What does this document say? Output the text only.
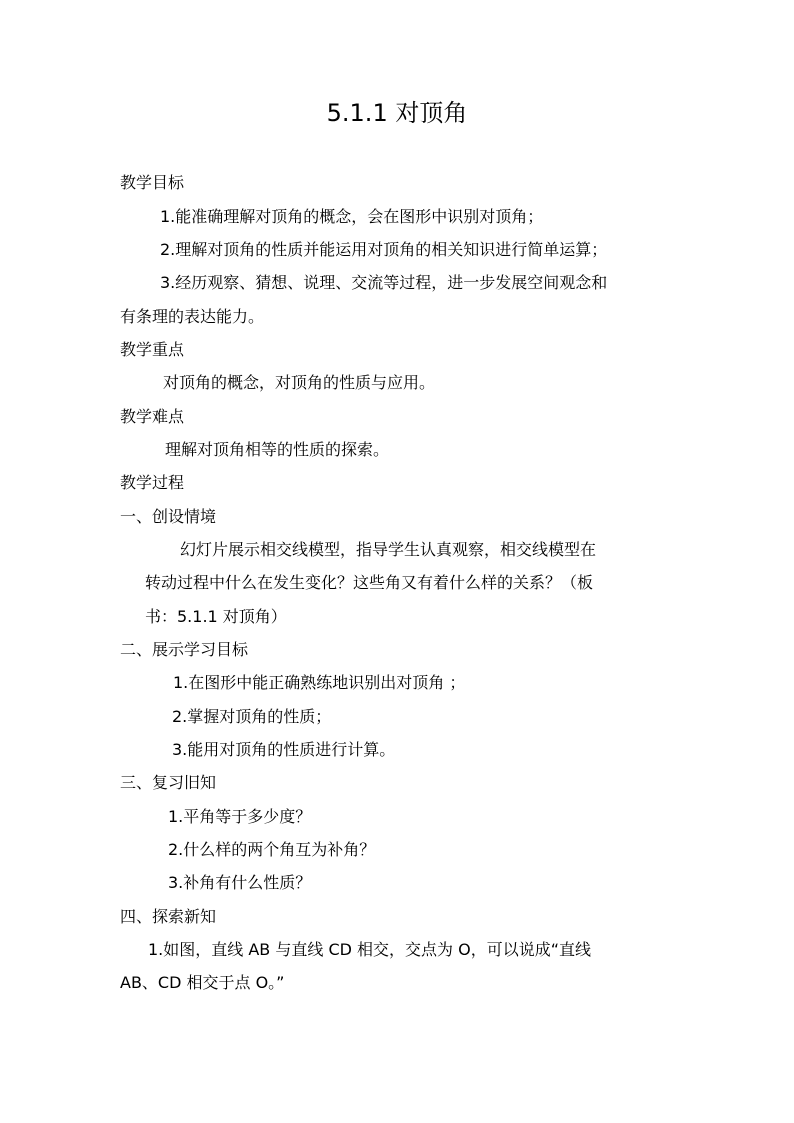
5.1.1 对顶角
教学目标
1.能准确理解对顶角的概念，会在图形中识别对顶角；
2.理解对顶角的性质并能运用对顶角的相关知识进行简单运算；
3.经历观察、猜想、说理、交流等过程，进一步发展空间观念和
有条理的表达能力。
教学重点
对顶角的概念，对顶角的性质与应用。
教学难点
理解对顶角相等的性质的探索。
教学过程
一、创设情境
幻灯片展示相交线模型，指导学生认真观察，相交线模型在
转动过程中什么在发生变化？这些角又有着什么样的关系？（板
书：5.1.1 对顶角）
二、展示学习目标
1.在图形中能正确熟练地识别出对顶角 ；
2.掌握对顶角的性质；
3.能用对顶角的性质进行计算。
三、复习旧知
1.平角等于多少度？
2.什么样的两个角互为补角？
3.补角有什么性质？
四、探索新知
1.如图，直线 AB 与直线 CD 相交，交点为 O，可以说成“直线
AB、CD 相交于点 O。”
